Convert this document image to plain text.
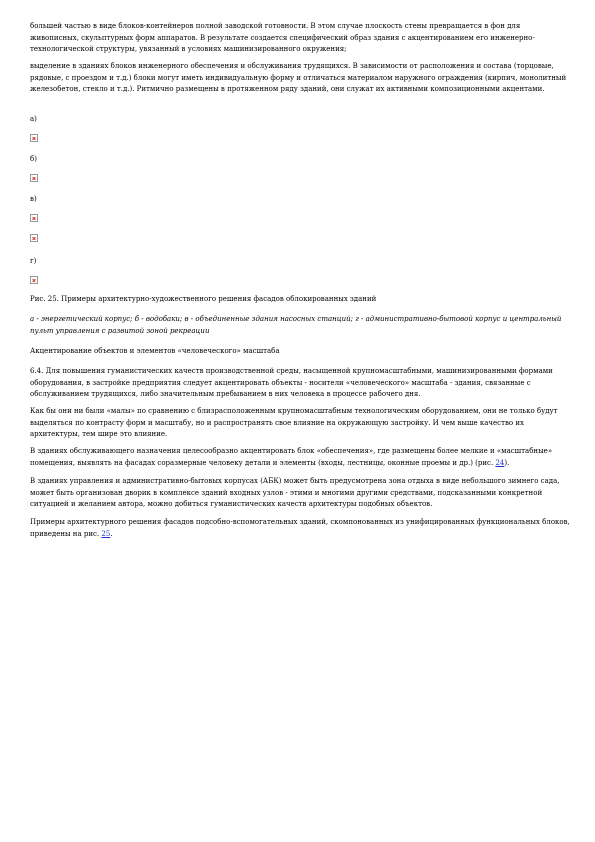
большей частью в виде блоков-контейнеров полной заводской готовности. В этом случае плоскость стены превращается в фон для живописных, скульптурных форм аппаратов. В результате создается специфический образ здания с акцентированием его инженерно-технологической структуры, увязанный в условиях машинизированного окружения;

выделение в зданиях блоков инженерного обеспечения и обслуживания трудящихся. В зависимости от расположения и состава (торцовые, рядовые, с проездом и т.д.) блоки могут иметь индивидуальную форму и отличаться материалом наружного ограждения (кирпич, монолитный железобетон, стекло и т.д.). Ритмично размещены в протяженном ряду зданий, они служат их активными композиционными акцентами.

а)

б)

в)

г)

Рис. 25. Примеры архитектурно-художественного решения фасадов облокированных зданий

а - энергетический корпус; б - водобаки; в - объединенные здания насосных станций; г - административно-бытовой корпус и центральный пульт управления с развитой зоной рекреации

Акцентирование объектов и элементов «человеческого» масштаба

6.4. Для повышения гуманистических качеств производственной среды, насыщенной крупномасштабными, машинизированными формами оборудования, в застройке предприятия следует акцентировать объекты - носители «человеческого» масштаба - здания, связанные с обслуживанием трудящихся, либо значительным пребыванием в них человека в процессе рабочего дня.

Как бы они ни были «малы» по сравнению с близрасположенным крупномасштабным технологическим оборудованием, они не только будут выделяться по контрасту форм и масштабу, но и распространять свое влияние на окружающую застройку. И чем выше качество их архитектуры, тем шире это влияние.

В зданиях обслуживающего назначения целесообразно акцентировать блок «обеспечения», где размещены более мелкие и «масштабные» помещения, выявлять на фасадах соразмерные человеку детали и элементы (входы, лестницы, оконные проемы и др.) (рис. 24).

В зданиях управления и административно-бытовых корпусах (АБК) может быть предусмотрена зона отдыха в виде небольшого зимнего сада, может быть организован дворик в комплексе зданий входных узлов - этими и многими другими средствами, подсказанными конкретной ситуацией и желанием автора, можно добиться гуманистических качеств архитектуры подобных объектов.

Примеры архитектурного решения фасадов подсобно-вспомогательных зданий, скомпонованных из унифицированных функциональных блоков, приведены на рис. 25.
